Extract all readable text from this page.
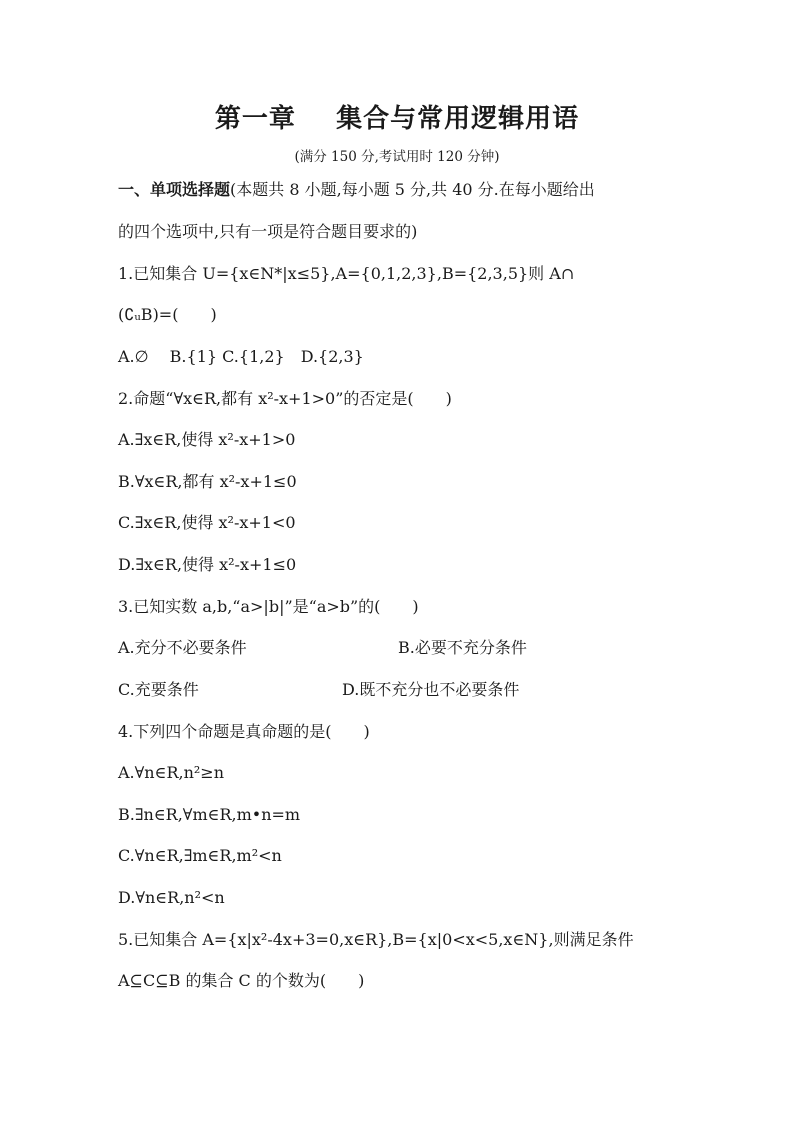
第一章    集合与常用逻辑用语
(满分 150 分,考试用时 120 分钟)
一、单项选择题(本题共 8 小题,每小题 5 分,共 40 分.在每小题给出
的四个选项中,只有一项是符合题目要求的)
1.已知集合 U={x∈N*|x≤5},A={0,1,2,3},B={2,3,5}则 A∩
(∁ᵤB)=(　　)
A.∅　 B.{1} C.{1,2}　D.{2,3}
2.命题“∀x∈R,都有 x²-x+1>0”的否定是(　　)
A.∃x∈R,使得 x²-x+1>0
B.∀x∈R,都有 x²-x+1≤0
C.∃x∈R,使得 x²-x+1<0
D.∃x∈R,使得 x²-x+1≤0
3.已知实数 a,b,“a>|b|”是“a>b”的(　　)
A.充分不必要条件	B.必要不充分条件
C.充要条件	D.既不充分也不必要条件
4.下列四个命题是真命题的是(　　)
A.∀n∈R,n²≥n
B.∃n∈R,∀m∈R,m•n=m
C.∀n∈R,∃m∈R,m²<n
D.∀n∈R,n²<n
5.已知集合 A={x|x²-4x+3=0,x∈R},B={x|0<x<5,x∈N},则满足条件
A⊆C⊆B 的集合 C 的个数为(　　)
